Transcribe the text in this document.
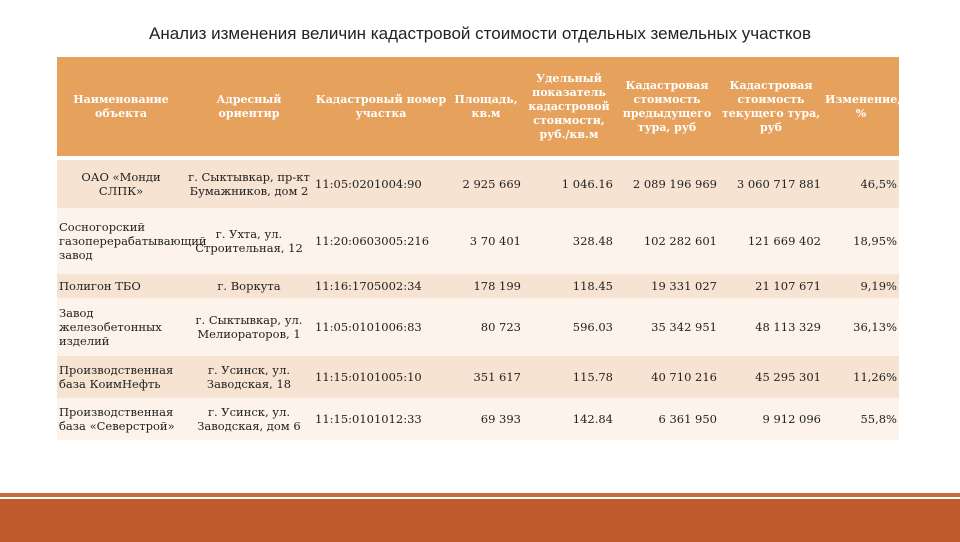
Анализ изменения величин кадастровой стоимости отдельных земельных участков
Наименование объекта	Адресный ориентир	Кадастровый номер участка	Площадь, кв.м	Удельный показатель кадастровой стоимости, руб./кв.м	Кадастровая стоимость предыдущего тура, руб	Кадастровая стоимость текущего тура, руб	Изменение, %
ОАО «Монди СЛПК»	г. Сыктывкар, пр-кт Бумажников, дом 2	11:05:0201004:90	2 925 669	1 046.16	2 089 196 969	3 060 717 881	46,5%
Сосногорский газоперерабатывающий завод	г. Ухта, ул. Строительная, 12	11:20:0603005:216	3 70 401	328.48	102 282 601	121 669 402	18,95%
Полигон ТБО	г. Воркута	11:16:1705002:34	178 199	118.45	19 331 027	21 107 671	9,19%
Завод железобетонных изделий	г. Сыктывкар, ул. Мелиораторов, 1	11:05:0101006:83	80 723	596.03	35 342 951	48 113 329	36,13%
Производственная база КоимНефть	г. Усинск, ул. Заводская, 18	11:15:0101005:10	351 617	115.78	40 710 216	45 295 301	11,26%
Производственная база «Северстрой»	г. Усинск, ул. Заводская, дом 6	11:15:0101012:33	69 393	142.84	6 361 950	9 912 096	55,8%
